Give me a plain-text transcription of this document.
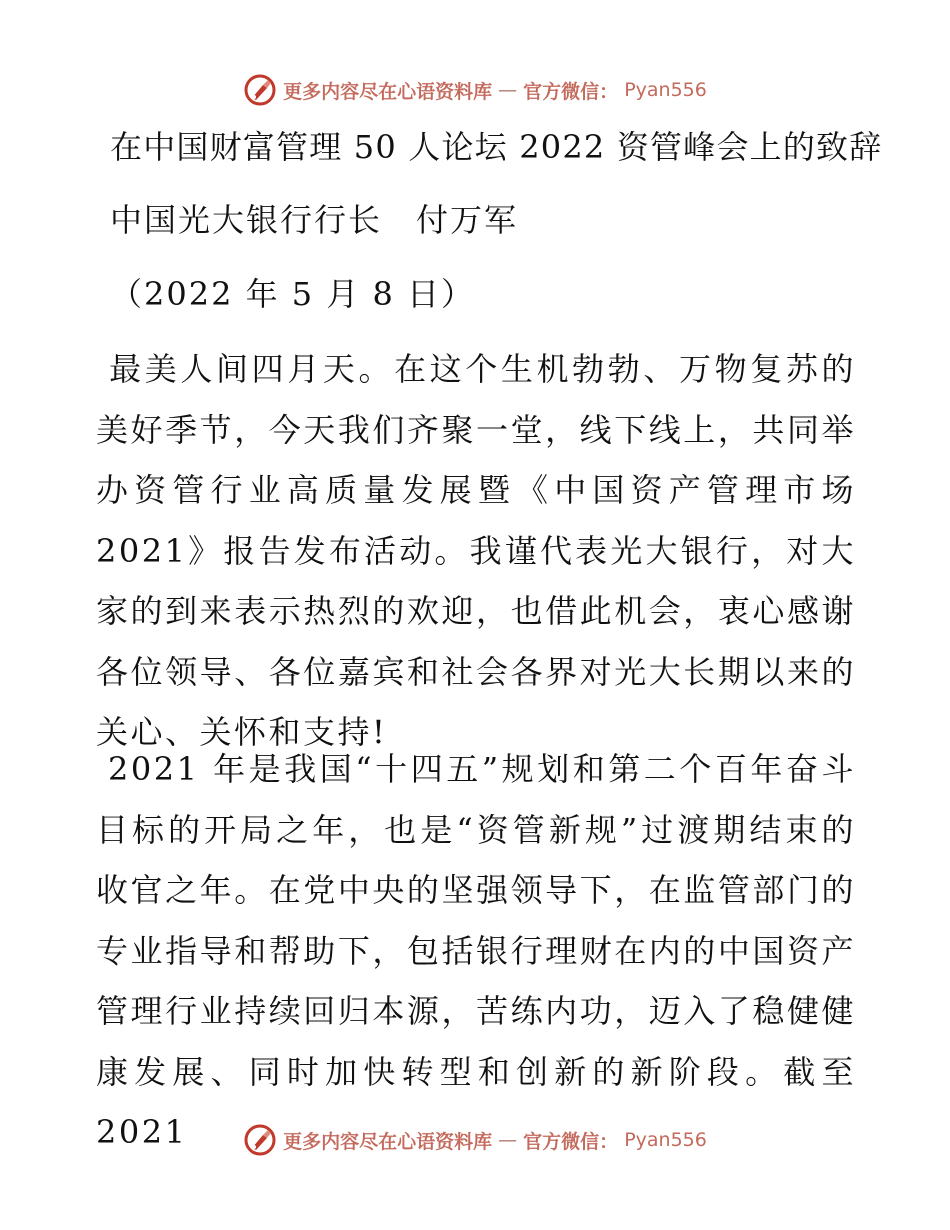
更多内容尽在心语资料库 — 官方微信： Pyan556
在中国财富管理 50 人论坛 2022 资管峰会上的致辞
中国光大银行行长　付万军
（2022 年 5 月 8 日）

最美人间四月天。在这个生机勃勃、万物复苏的美好季节，今天我们齐聚一堂，线下线上，共同举办资管行业高质量发展暨《中国资产管理市场 2021》报告发布活动。我谨代表光大银行，对大家的到来表示热烈的欢迎，也借此机会，衷心感谢各位领导、各位嘉宾和社会各界对光大长期以来的关心、关怀和支持!

2021 年是我国“十四五”规划和第二个百年奋斗目标的开局之年，也是“资管新规”过渡期结束的收官之年。在党中央的坚强领导下，在监管部门的专业指导和帮助下，包括银行理财在内的中国资产管理行业持续回归本源，苦练内功，迈入了稳健健康发展、同时加快转型和创新的新阶段。截至 2021	更多内容尽在心语资料库 — 官方微信： Pyan556
